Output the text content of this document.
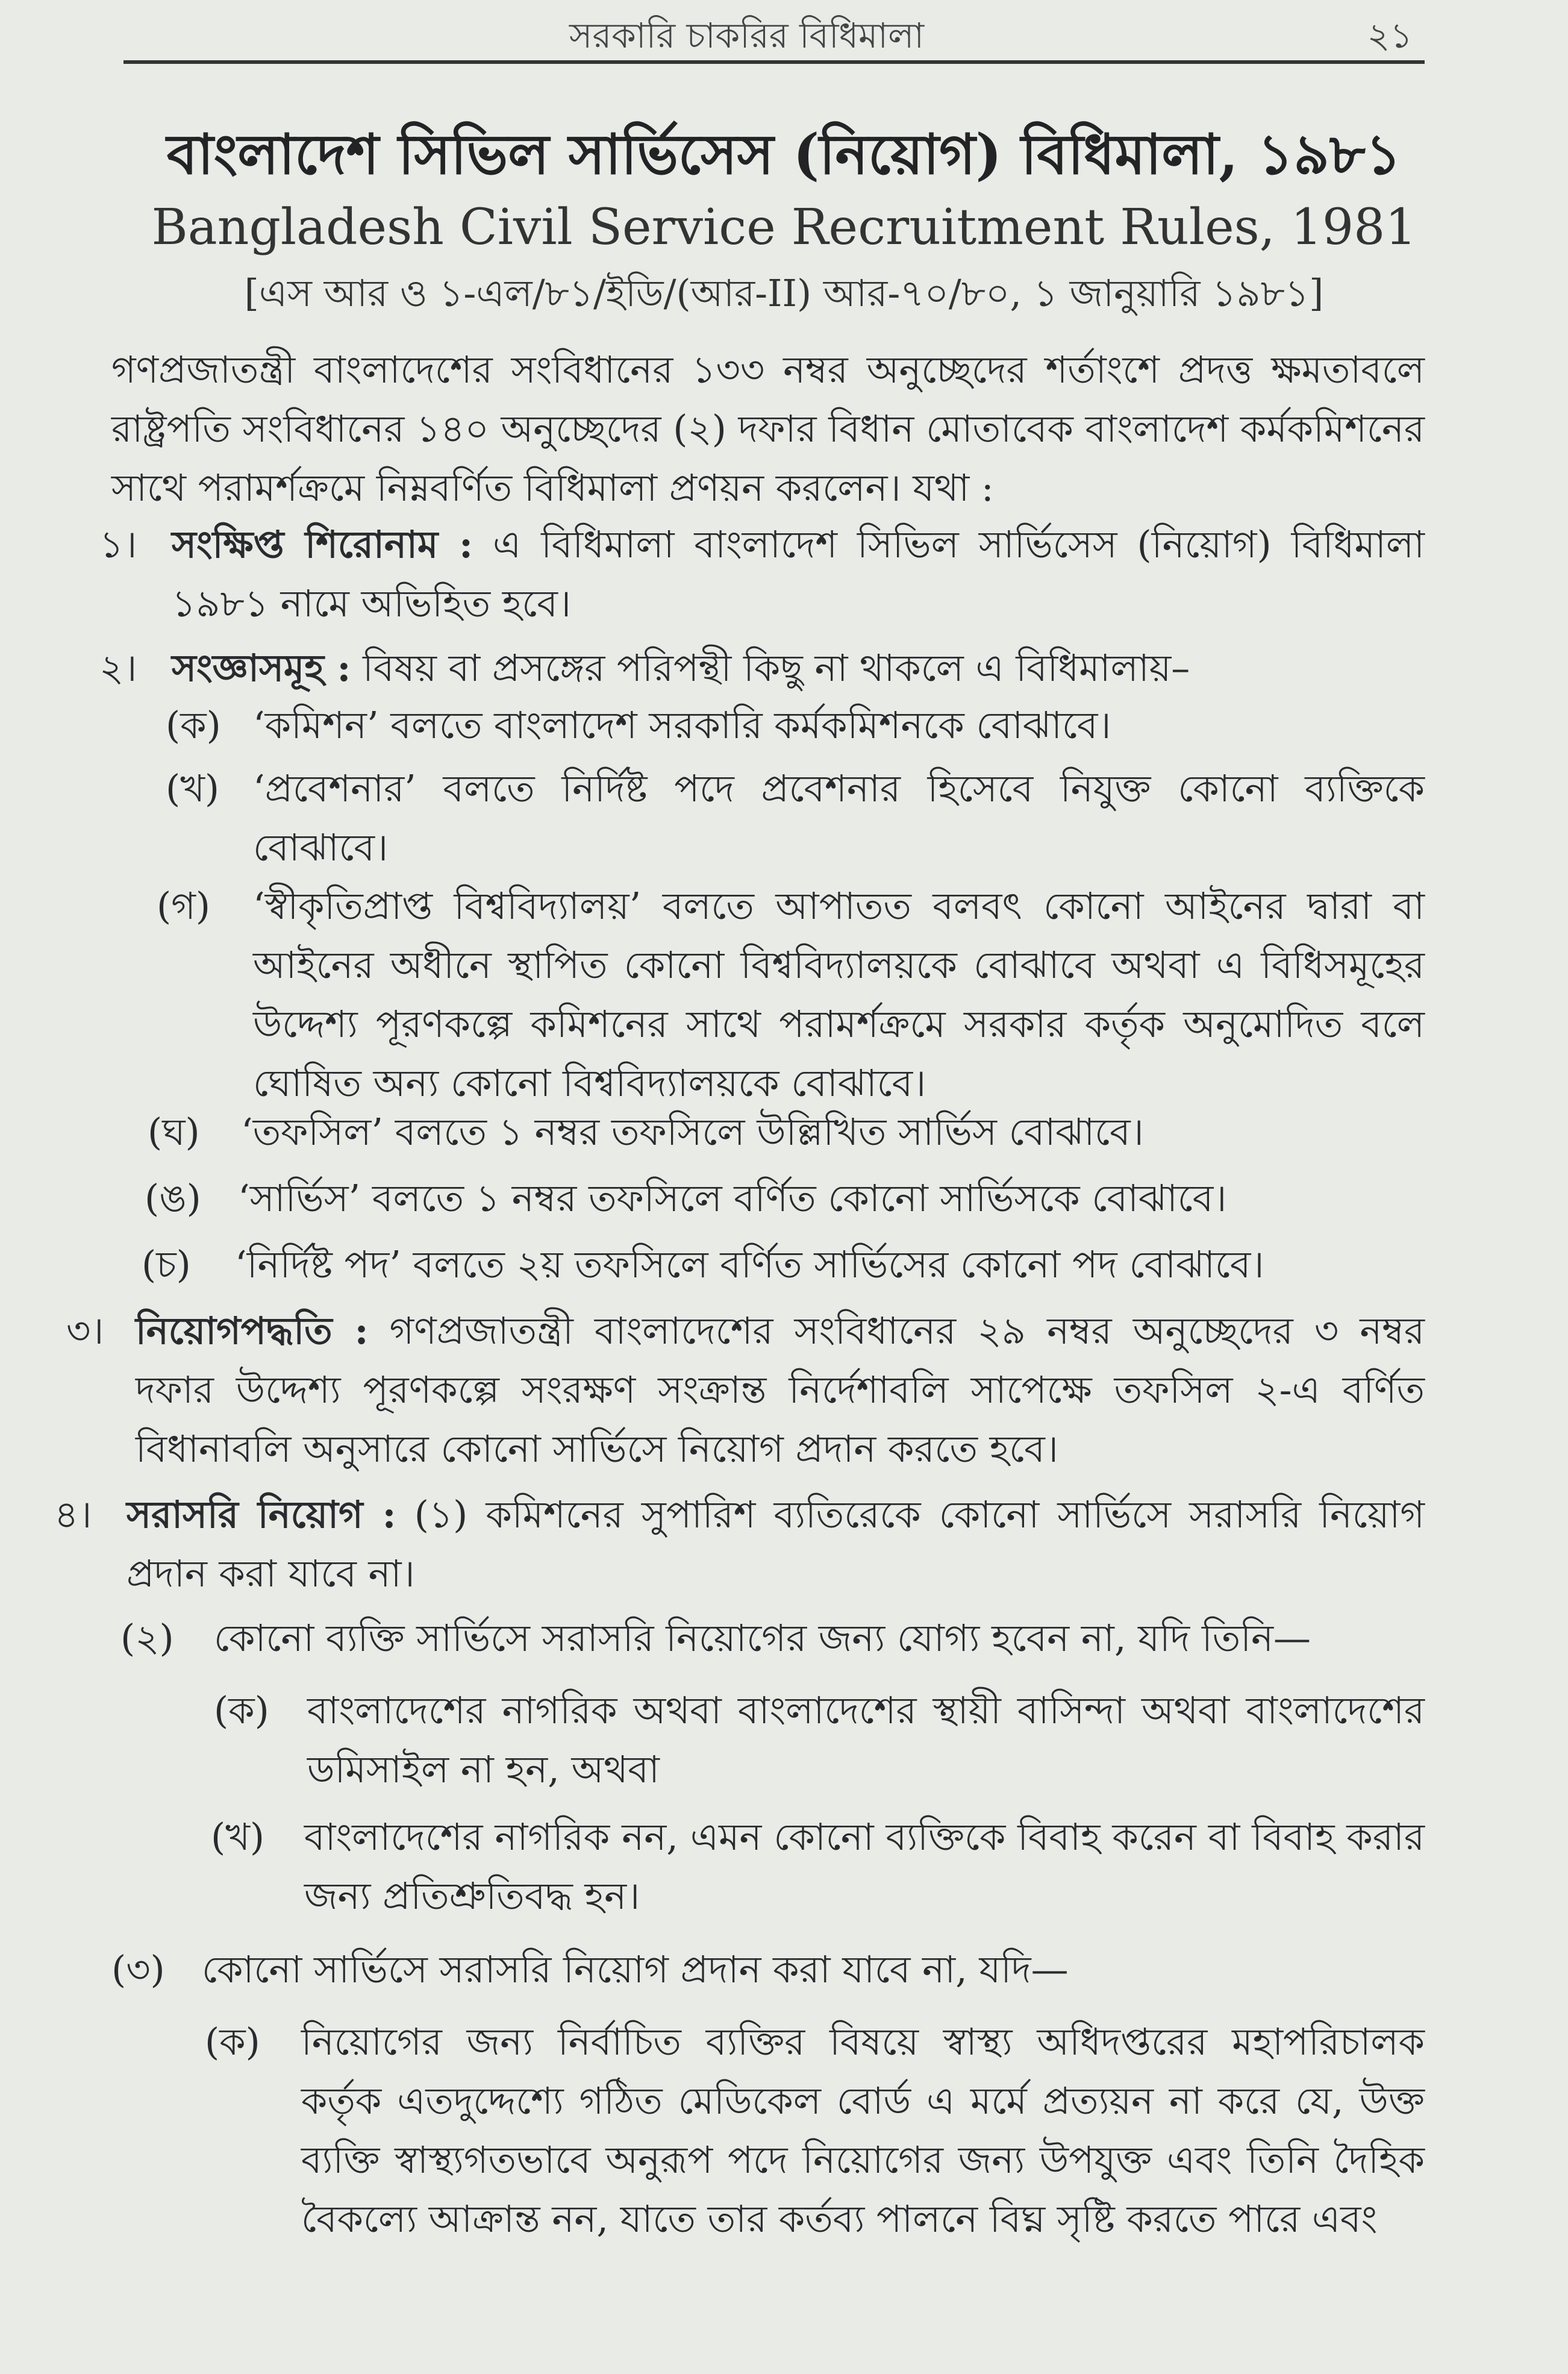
সরকারি চাকরির বিধিমালা	২১
বাংলাদেশ সিভিল সার্ভিসেস (নিয়োগ) বিধিমালা, ১৯৮১
Bangladesh Civil Service Recruitment Rules, 1981
[এস আর ও ১-এল/৮১/ইডি/(আর-II) আর-৭০/৮০, ১ জানুয়ারি ১৯৮১]
গণপ্রজাতন্ত্রী বাংলাদেশের সংবিধানের ১৩৩ নম্বর অনুচ্ছেদের শর্তাংশে প্রদত্ত ক্ষমতাবলে রাষ্ট্রপতি সংবিধানের ১৪০ অনুচ্ছেদের (২) দফার বিধান মোতাবেক বাংলাদেশ কর্মকমিশনের সাথে পরামর্শক্রমে নিম্নবর্ণিত বিধিমালা প্রণয়ন করলেন। যথা :
১। সংক্ষিপ্ত শিরোনাম : এ বিধিমালা বাংলাদেশ সিভিল সার্ভিসেস (নিয়োগ) বিধিমালা ১৯৮১ নামে অভিহিত হবে।
২। সংজ্ঞাসমূহ : বিষয় বা প্রসঙ্গের পরিপন্থী কিছু না থাকলে এ বিধিমালায়–
(ক) ‘কমিশন’ বলতে বাংলাদেশ সরকারি কর্মকমিশনকে বোঝাবে।
(খ) ‘প্রবেশনার’ বলতে নির্দিষ্ট পদে প্রবেশনার হিসেবে নিযুক্ত কোনো ব্যক্তিকে বোঝাবে।
(গ) ‘স্বীকৃতিপ্রাপ্ত বিশ্ববিদ্যালয়’ বলতে আপাতত বলবৎ কোনো আইনের দ্বারা বা আইনের অধীনে স্থাপিত কোনো বিশ্ববিদ্যালয়কে বোঝাবে অথবা এ বিধিসমূহের উদ্দেশ্য পূরণকল্পে কমিশনের সাথে পরামর্শক্রমে সরকার কর্তৃক অনুমোদিত বলে ঘোষিত অন্য কোনো বিশ্ববিদ্যালয়কে বোঝাবে।
(ঘ) ‘তফসিল’ বলতে ১ নম্বর তফসিলে উল্লিখিত সার্ভিস বোঝাবে।
(ঙ) ‘সার্ভিস’ বলতে ১ নম্বর তফসিলে বর্ণিত কোনো সার্ভিসকে বোঝাবে।
(চ) ‘নির্দিষ্ট পদ’ বলতে ২য় তফসিলে বর্ণিত সার্ভিসের কোনো পদ বোঝাবে।
৩। নিয়োগপদ্ধতি : গণপ্রজাতন্ত্রী বাংলাদেশের সংবিধানের ২৯ নম্বর অনুচ্ছেদের ৩ নম্বর দফার উদ্দেশ্য পূরণকল্পে সংরক্ষণ সংক্রান্ত নির্দেশাবলি সাপেক্ষে তফসিল ২-এ বর্ণিত বিধানাবলি অনুসারে কোনো সার্ভিসে নিয়োগ প্রদান করতে হবে।
৪। সরাসরি নিয়োগ : (১) কমিশনের সুপারিশ ব্যতিরেকে কোনো সার্ভিসে সরাসরি নিয়োগ প্রদান করা যাবে না।
(২) কোনো ব্যক্তি সার্ভিসে সরাসরি নিয়োগের জন্য যোগ্য হবেন না, যদি তিনি—
(ক) বাংলাদেশের নাগরিক অথবা বাংলাদেশের স্থায়ী বাসিন্দা অথবা বাংলাদেশের ডমিসাইল না হন, অথবা
(খ) বাংলাদেশের নাগরিক নন, এমন কোনো ব্যক্তিকে বিবাহ করেন বা বিবাহ করার জন্য প্রতিশ্রুতিবদ্ধ হন।
(৩) কোনো সার্ভিসে সরাসরি নিয়োগ প্রদান করা যাবে না, যদি—
(ক) নিয়োগের জন্য নির্বাচিত ব্যক্তির বিষয়ে স্বাস্থ্য অধিদপ্তরের মহাপরিচালক কর্তৃক এতদুদ্দেশ্যে গঠিত মেডিকেল বোর্ড এ মর্মে প্রত্যয়ন না করে যে, উক্ত ব্যক্তি স্বাস্থ্যগতভাবে অনুরূপ পদে নিয়োগের জন্য উপযুক্ত এবং তিনি দৈহিক বৈকল্যে আক্রান্ত নন, যাতে তার কর্তব্য পালনে বিঘ্ন সৃষ্টি করতে পারে এবং
